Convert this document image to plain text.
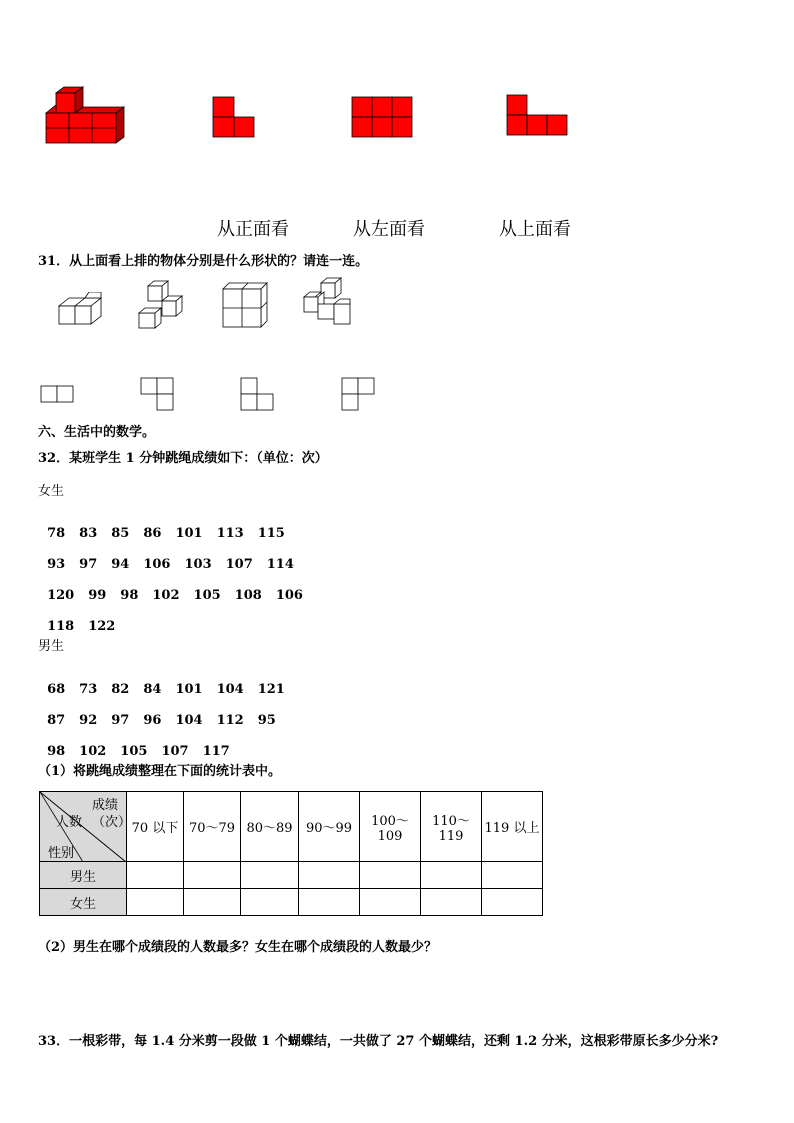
从正面看	从左面看	从上面看
31．从上面看上排的物体分别是什么形状的？请连一连。
六、生活中的数学。
32．某班学生 1 分钟跳绳成绩如下：（单位：次）
女生

78 83 85 86 101 113 115

93 97 94 106 103 107 114

120 99 98 102 105 108 106

118 122

男生

68 73 82 84 101 104 121

87 92 97 96 104 112 95

98 102 105 107 117

（1）将跳绳成绩整理在下面的统计表中。
成绩
（次）
人数
性别	70 以下	70～79	80～89	90～99	100～109	110～119	119 以上
男生							
女生							
（2）男生在哪个成绩段的人数最多？女生在哪个成绩段的人数最少？
33．一根彩带，每 1.4 分米剪一段做 1 个蝴蝶结，一共做了 27 个蝴蝶结，还剩 1.2 分米，这根彩带原长多少分米?
